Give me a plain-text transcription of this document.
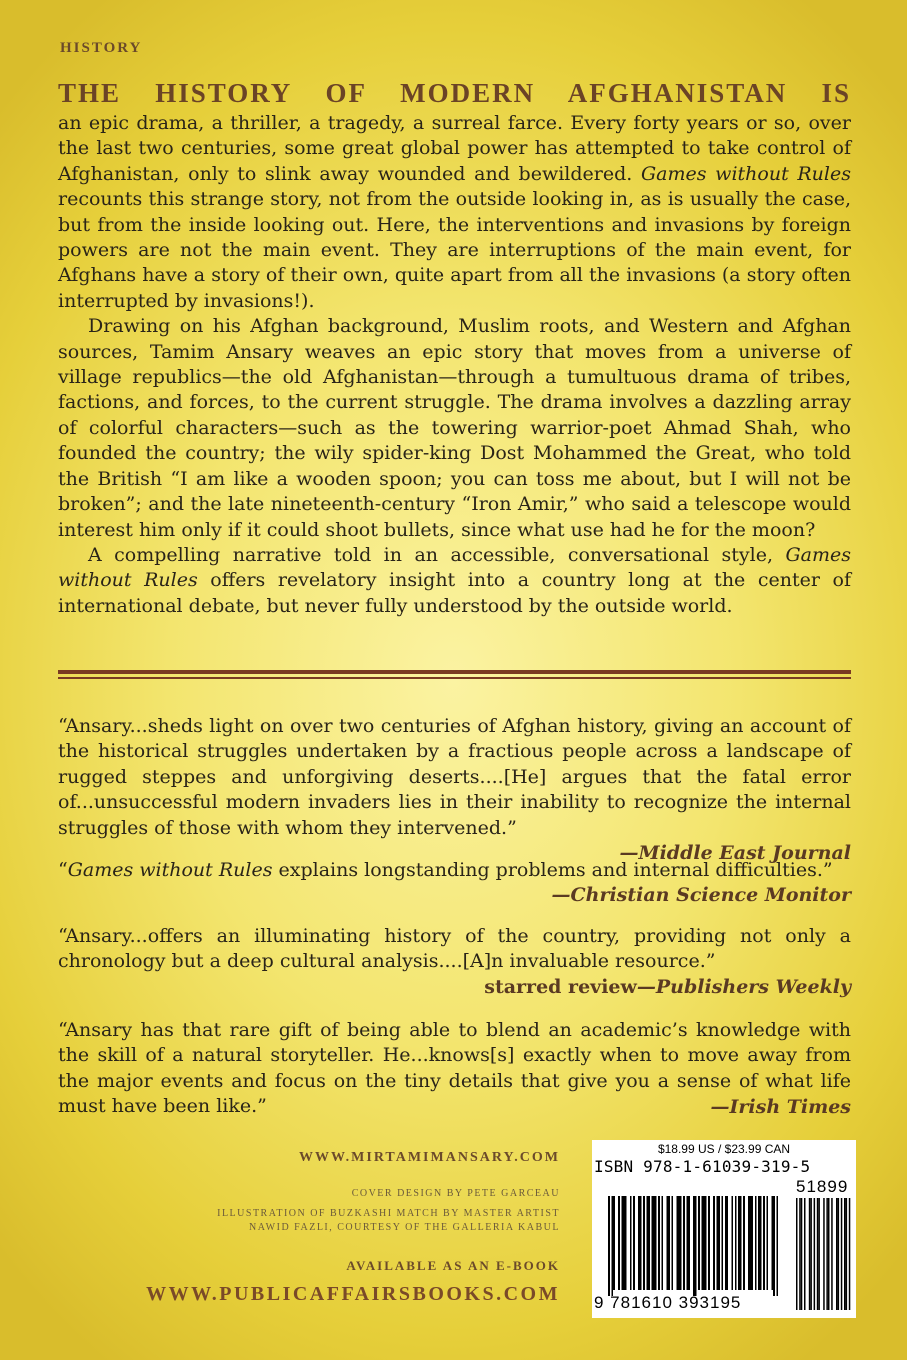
HISTORY
THE HISTORY OF MODERN AFGHANISTAN IS

an epic drama, a thriller, a tragedy, a surreal farce. Every forty years or so, over the last two centuries, some great global power has attempted to take control of Afghanistan, only to slink away wounded and bewildered. Games without Rules recounts this strange story, not from the outside looking in, as is usually the case, but from the inside looking out. Here, the interventions and invasions by foreign powers are not the main event. They are interruptions of the main event, for Afghans have a story of their own, quite apart from all the invasions (a story often interrupted by invasions!).

Drawing on his Afghan background, Muslim roots, and Western and Afghan sources, Tamim Ansary weaves an epic story that moves from a universe of village republics—the old Afghanistan—through a tumultuous drama of tribes, factions, and forces, to the current struggle. The drama involves a dazzling array of colorful characters—such as the towering warrior-poet Ahmad Shah, who founded the country; the wily spider-king Dost Mohammed the Great, who told the British “I am like a wooden spoon; you can toss me about, but I will not be broken”; and the late nineteenth-century “Iron Amir,” who said a telescope would interest him only if it could shoot bullets, since what use had he for the moon?

A compelling narrative told in an accessible, conversational style, Games without Rules offers revelatory insight into a country long at the center of international debate, but never fully understood by the outside world.

“Ansary...sheds light on over two centuries of Afghan history, giving an account of the historical struggles undertaken by a fractious people across a landscape of rugged steppes and unforgiving deserts....[He] argues that the fatal error of...unsuccessful modern invaders lies in their inability to recognize the internal struggles of those with whom they intervened.”
—Middle East Journal
“Games without Rules explains longstanding problems and internal difficulties.”
—Christian Science Monitor
“Ansary...offers an illuminating history of the country, providing not only a chronology but a deep cultural analysis....[A]n invaluable resource.”
—Publishers Weekly
starred review
“Ansary has that rare gift of being able to blend an academic’s knowledge with the skill of a natural storyteller. He...knows[s] exactly when to move away from the major events and focus on the tiny details that give you a sense of what life must have been like.”	—Irish Times
WWW.MIRTAMIMANSARY.COM
COVER DESIGN BY PETE GARCEAU
ILLUSTRATION OF BUZKASHI MATCH BY MASTER ARTIST
NAWID FAZLI, COURTESY OF THE GALLERIA KABUL
AVAILABLE AS AN E-BOOK
WWW.PUBLICAFFAIRSBOOKS.COM
$18.99 US / $23.99 CAN
ISBN 978-1-61039-319-5
51899
9 781610 393195
